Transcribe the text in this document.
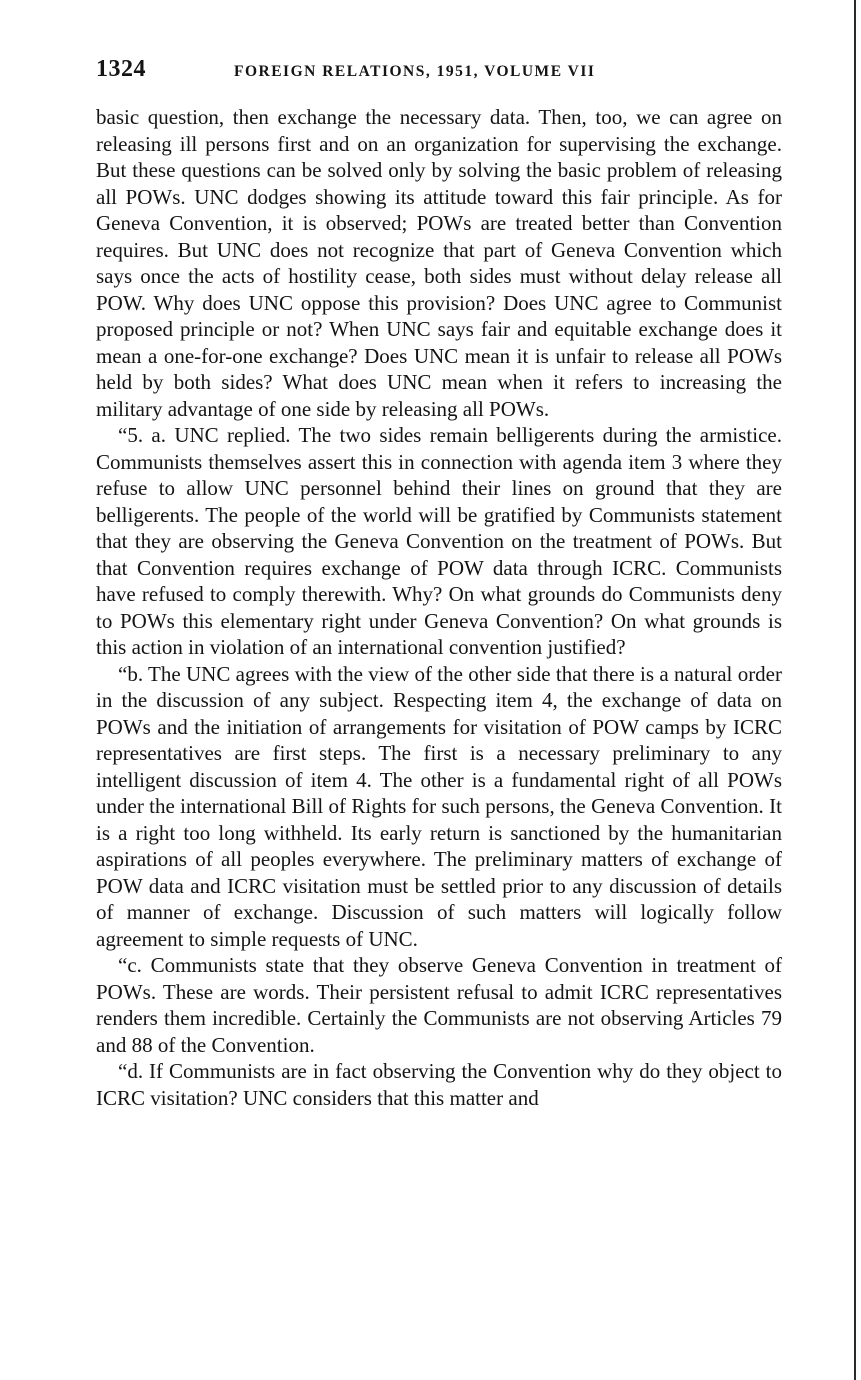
1324	FOREIGN RELATIONS, 1951, VOLUME VII

basic question, then exchange the necessary data. Then, too, we can agree on releasing ill persons first and on an organization for supervising the exchange. But these questions can be solved only by solving the basic problem of releasing all POWs. UNC dodges showing its attitude toward this fair principle. As for Geneva Convention, it is observed; POWs are treated better than Convention requires. But UNC does not recognize that part of Geneva Convention which says once the acts of hostility cease, both sides must without delay release all POW. Why does UNC oppose this provision? Does UNC agree to Communist proposed principle or not? When UNC says fair and equitable exchange does it mean a one-for-one exchange? Does UNC mean it is unfair to release all POWs held by both sides? What does UNC mean when it refers to increasing the military advantage of one side by releasing all POWs.

“5. a. UNC replied. The two sides remain belligerents during the armistice. Communists themselves assert this in connection with agenda item 3 where they refuse to allow UNC personnel behind their lines on ground that they are belligerents. The people of the world will be gratified by Communists statement that they are observing the Geneva Convention on the treatment of POWs. But that Convention requires exchange of POW data through ICRC. Communists have refused to comply therewith. Why? On what grounds do Communists deny to POWs this elementary right under Geneva Convention? On what grounds is this action in violation of an international convention justified?

“b. The UNC agrees with the view of the other side that there is a natural order in the discussion of any subject. Respecting item 4, the exchange of data on POWs and the initiation of arrangements for visitation of POW camps by ICRC representatives are first steps. The first is a necessary preliminary to any intelligent discussion of item 4. The other is a fundamental right of all POWs under the international Bill of Rights for such persons, the Geneva Convention. It is a right too long withheld. Its early return is sanctioned by the humanitarian aspirations of all peoples everywhere. The preliminary matters of exchange of POW data and ICRC visitation must be settled prior to any discussion of details of manner of exchange. Discussion of such matters will logically follow agreement to simple requests of UNC.

“c. Communists state that they observe Geneva Convention in treatment of POWs. These are words. Their persistent refusal to admit ICRC representatives renders them incredible. Certainly the Communists are not observing Articles 79 and 88 of the Convention.

“d. If Communists are in fact observing the Convention why do they object to ICRC visitation? UNC considers that this matter and
